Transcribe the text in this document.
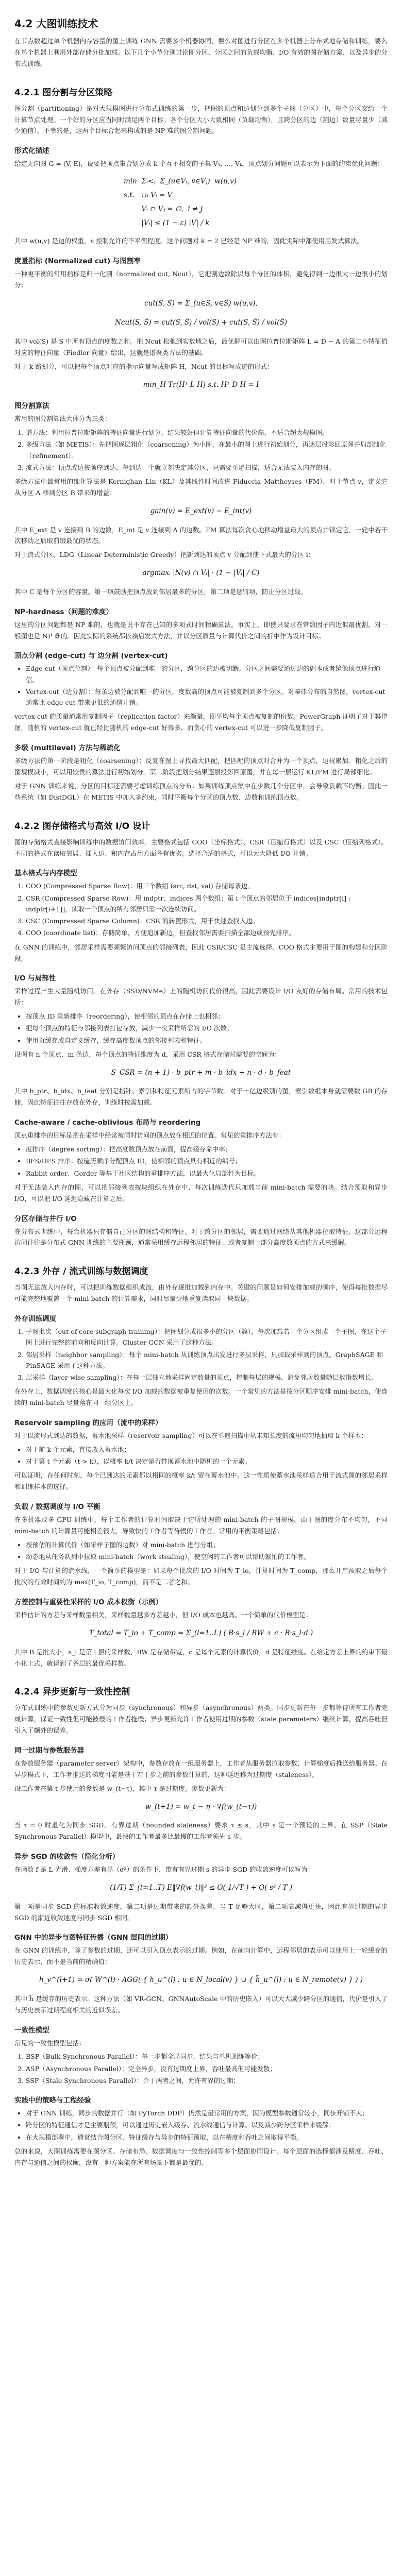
4.2 大图训练技术

在节点数超过单个机器内存容量的图上训练 GNN 需要多个机器协同，要么对图进行分区在多个机器上分布式地存储和训练，要么在单个机器上利用外部存储分批加载。以下几个小节分别讨论图分区、分区之间的负载均衡、I/O 有效的图存储方案、以及异步的分布式训练。

4.2.1 图分割与分区策略

图分割（partitioning）是对大规模图进行分布式训练的第一步，把图的顶点和边划分到多个子图（分区）中，每个分区交给一个计算节点处理。一个好的分区应当同时满足两个目标：各个分区大小大致相同（负载均衡），且跨分区的边（割边）数量尽量少（减少通信）。不幸的是，这两个目标合起来构成的是 NP 难的图分割问题。

形式化描述

给定无向图 G = (V, E)，设要把顶点集合划分成 k 个互不相交的子集 V₁, …, Vₖ。顶点划分问题可以表示为下面的约束优化问题：

min  Σᵢ<ⱼ  Σ_(u∈Vᵢ, v∈Vⱼ)  w(u,v)
s.t.   ∪ᵢ Vᵢ = V
Vᵢ ∩ Vⱼ = ∅,  i ≠ j
|Vᵢ| ≤ (1 + ε) |V| / k

其中 w(u,v) 是边的权重，ε 控制允许的不平衡程度。这个问题对 k = 2 已经是 NP 难的，因此实际中都使用启发式算法。

度量指标 (Normalized cut) 与图割率

一种更平衡的常用指标是归一化割（normalized cut, Ncut），它把割边数除以每个分区的体积，避免得到一边很大一边很小的划分：

cut(S, S̄) = Σ_(u∈S, v∈S̄) w(u,v),
Ncut(S, S̄) = cut(S, S̄) / vol(S) + cut(S, S̄) / vol(S̄)

其中 vol(S) 是 S 中所有顶点的度数之和。把 Ncut 松弛到实数域之后，最优解可以由图拉普拉斯矩阵 L = D − A 的第二小特征值对应的特征向量（Fiedler 向量）给出，这就是谱聚类方法的基础。

对于 k 路划分，可以把每个顶点对应的指示向量写成矩阵 H，Ncut 的目标写成迹的形式：

min_H Tr(Hᵀ L H) s.t. Hᵀ D H = I
图分割算法

常用的图分割算法大体分为三类：

1. 谱方法：利用拉普拉斯矩阵的特征向量进行划分，结果较好但计算特征向量的代价高，不适合超大规模图。
2. 多级方法（如 METIS）：先把图逐层粗化（coarsening）为小图，在最小的图上进行初始划分，再逐层投影回原图并局部细化（refinement）。
3. 流式方法：顶点或边按顺序到达，每到达一个就立刻决定其分区，只需要单遍扫描，适合无法装入内存的图。

多级方法中最常用的细化算法是 Kernighan–Lin（KL）及其线性时间改进 Fiduccia–Mattheyses（FM）。对于节点 v，定义它从分区 A 移到分区 B 带来的增益：

gain(v) = E_ext(v) − E_int(v)

其中 E_ext 是 v 连接到 B 的边数，E_int 是 v 连接到 A 的边数。FM 算法每次贪心地移动增益最大的顶点并锁定它，一轮中若干次移动之后取前缀最优的状态。

对于流式分区，LDG（Linear Deterministic Greedy）把新到达的顶点 v 分配到使下式最大的分区 i：

argmaxᵢ |N(v) ∩ Vᵢ| · (1 − |Vᵢ| / C)

其中 C 是每个分区的容量。第一项鼓励把顶点放到邻居最多的分区，第二项是惩罚项，防止分区过载。

NP-hardness（问题的难度）

这里的分区问题都是 NP 难的，也就是说不存在已知的多项式时间精确算法。事实上，即使只要求在常数因子内近似最优割，对一般图也是 NP 难的。因此实际的系统都依赖启发式方法，并以分区质量与计算代价之间的折中作为设计目标。

顶点分割 (edge-cut) 与 边分割 (vertex-cut)
• Edge-cut（顶点分割）：每个顶点被分配到唯一的分区，跨分区的边被切断。分区之间需要通过边的副本或者镜像顶点进行通信。
• Vertex-cut（边分割）：每条边被分配到唯一的分区，度数高的顶点可能被复制到多个分区。对幂律分布的自然图，vertex-cut 通常比 edge-cut 带来更低的通信开销。

vertex-cut 的质量通常用复制因子（replication factor）来衡量，即平均每个顶点被复制的份数。PowerGraph 证明了对于幂律图，随机的 vertex-cut 就已经比随机的 edge-cut 好得多，而贪心的 vertex-cut 可以进一步降低复制因子。

多级 (multilevel) 方法与稀疏化

多级方法的第一阶段是粗化（coarsening）：反复在图上寻找最大匹配，把匹配的顶点对合并为一个顶点，边权累加。粗化之后的图规模减小，可以用较贵的算法进行初始划分。第二阶段把划分结果逐层投影回原图，并在每一层运行 KL/FM 进行局部细化。

对于 GNN 训练来说，分区的目标还需要考虑训练顶点的分布：如果训练顶点集中在少数几个分区中，会导致负载不均衡。因此一些系统（如 DistDGL）在 METIS 中加入多约束，同时平衡每个分区的顶点数、边数和训练顶点数。

4.2.2 图存储格式与高效 I/O 设计

图的存储格式直接影响训练中的数据访问效率。主要格式包括 COO（坐标格式）、CSR（压缩行格式）以及 CSC（压缩列格式）。不同的格式在读取邻居、插入边、和内存占用方面各有优劣。选择合适的格式，可以大大降低 I/O 开销。

基本格式与内存模型
1. COO (Compressed Sparse Row)：用三个数组 (src, dst, val) 存储每条边。
2. CSR (Compressed Sparse Row)：用 indptr、indices 两个数组；第 i 个顶点的邻居位于 indices[indptr[i] : indptr[i+1]]，读取一个顶点的所有邻居只需一次连续访问。
3. CSC (Compressed Sparse Column)：CSR 的转置形式，用于快速查找入边。
4. COO (coordinate list)：存储简单，方便追加新边，但查找邻居需要扫描全部边或预先排序。

在 GNN 的训练中，邻居采样需要频繁访问顶点的邻接列表，因此 CSR/CSC 是主流选择。COO 格式主要用于图的构建和分区阶段。

I/O 与局部性

采样过程产生大量随机访问。在外存（SSD/NVMe）上的随机访问代价很高，因此需要设计 I/O 友好的存储布局。常用的技术包括：

• 按顶点 ID 重新排序（reordering），使相邻的顶点在存储上也相邻；
• 把每个顶点的特征与邻接列表打包存放，减少一次采样所需的 I/O 次数；
• 使用页缓存或自定义缓存，缓存高度数顶点的邻接列表和特征。

设图有 n 个顶点、m 条边，每个顶点的特征维度为 d，采用 CSR 格式存储时需要的空间为：

S_CSR = (n + 1) · b_ptr + m · b_idx + n · d · b_feat

其中 b_ptr、b_idx、b_feat 分别是指针、索引和特征元素所占的字节数。对于十亿边级别的图，索引数组本身就需要数 GB 的存储，因此特征往往存放在外存，训练时按需加载。

Cache-aware / cache-oblivious 布局与 reordering

顶点重排序的目标是把在采样中经常被同时访问的顶点放在相近的位置。常见的重排序方法有：

• 度排序（degree sorting）：把高度数顶点放在前面，提高缓存命中率；
• BFS/DFS 排序：按遍历顺序分配顶点 ID，使相邻的顶点具有相近的编号；
• Rabbit order、Gorder 等基于社区结构的重排序方法，以最大化局部性为目标。

对于无法装入内存的图，可以把邻接列表按块组织在外存中，每次训练迭代只加载当前 mini-batch 需要的块。结合预取和异步 I/O，可以把 I/O 延迟隐藏在计算之后。

分区存储与并行 I/O

在分布式训练中，每台机器只存储自己分区的图结构和特征。对于跨分区的邻居，需要通过网络从其他机器拉取特征。这部分远程访问往往是分布式 GNN 训练的主要瓶颈，通常采用缓存远程邻居的特征、或者复制一部分高度数顶点的方式来缓解。

4.2.3 外存 / 流式训练与数据调度

当图无法放入内存时，可以把训练数据组织成流，由外存逐批加载到内存中。关键的问题是如何安排加载的顺序，使得每批数据尽可能完整地覆盖一个 mini-batch 的计算需求，同时尽量少地重复读取同一块数据。

外存训练调度
1. 子图批次（out-of-core subgraph training）：把图划分成很多小的分区（簇），每次加载若干个分区组成一个子图，在这个子图上进行完整的前向和反向计算。Cluster-GCN 采用了这种方法。
2. 邻居采样（neighbor sampling）：每个 mini-batch 从训练顶点出发进行多层采样，只加载采样到的顶点。GraphSAGE 和 PinSAGE 采用了这种方法。
3. 层采样（layer-wise sampling）：在每一层独立地采样固定数量的顶点，控制每层的规模，避免邻居数量随层数指数增长。

在外存上，数据调度的核心是最大化每次 I/O 加载的数据被重复使用的次数。一个常见的方法是按分区顺序安排 mini-batch，使连续的 mini-batch 尽量落在同一组分区上。

Reservoir sampling 的应用（流中的采样）

对于以流形式到达的数据，蓄水池采样（reservoir sampling）可以在单遍扫描中从未知长度的流里均匀地抽取 k 个样本：

• 对于前 k 个元素，直接放入蓄水池；
• 对于第 t 个元素（t > k），以概率 k/t 决定是否替换蓄水池中随机的一个元素。

可以证明，在任何时刻，每个已到达的元素都以相同的概率 k/t 留在蓄水池中。这一性质使蓄水池采样适合用于流式图的邻居采样和训练样本的选择。

负载 / 数据调度与 I/O 平衡

在多机器或多 GPU 训练中，每个工作者的计算时间取决于它所处理的 mini-batch 的子图规模。由于图的度分布不均匀，不同 mini-batch 的计算量可能相差很大，导致快的工作者等待慢的工作者。常用的平衡策略包括：

• 按预估的计算代价（如采样子图的边数）对 mini-batch 进行分组；
• 动态地从任务队列中拉取 mini-batch（work stealing），使空闲的工作者可以帮助繁忙的工作者。

对于 I/O 与计算的流水线，一个简单的模型是：如果每个批次的 I/O 时间为 T_io，计算时间为 T_comp，那么开启预取之后每个批次的有效时间约为 max(T_io, T_comp)，而不是二者之和。

方差控制与重要性采样的 I/O 成本权衡（示例）

采样估计的方差与采样数量相关，采样数量越多方差越小，但 I/O 成本也越高。一个简单的代价模型是：

T_total = T_io + T_comp = Σ_(l=1..L) ( B·s_l / BW + c · B·s_l·d )

其中 B 是批大小，s_l 是第 l 层的采样数，BW 是存储带宽，c 是每个元素的计算代价，d 是特征维度。在给定方差上界的约束下最小化上式，就得到了各层的最优采样数。

4.2.4 异步更新与一致性控制

分布式训练中的参数更新方式分为同步（synchronous）和异步（asynchronous）两类。同步更新在每一步都等待所有工作者完成计算，保证一致性但可能被慢的工作者拖慢；异步更新允许工作者使用过期的参数（stale parameters）继续计算，提高吞吐但引入了额外的误差。

同一过期与参数服务器

在参数服务器（parameter server）架构中，参数存放在一组服务器上，工作者从服务器拉取参数，计算梯度后推送给服务器。在异步模式下，工作者推送的梯度可能是基于若干步之前的参数计算的，这种延迟称为过期度（staleness）。

设工作者在第 t 步使用的参数是 w_(t−τ)，其中 τ 是过期度。参数更新为：

w_(t+1) = w_t − η · ∇f(w_(t−τ))

当 τ = 0 时退化为同步 SGD。有界过期（bounded staleness）要求 τ ≤ s，其中 s 是一个预设的上界。在 SSP（Stale Synchronous Parallel）模型中，最快的工作者最多比最慢的工作者领先 s 步。

异步 SGD 的收敛性（简化分析）

在函数 f 是 L-光滑、梯度方差有界（σ²）的条件下，带有有界过期 s 的异步 SGD 的收敛速度可以写为：

(1/T) Σ_(t=1..T) E‖∇f(w_t)‖² ≤ O( 1/√T ) + O( s² / T )

第一项是同步 SGD 的标准收敛速度，第二项是过期带来的额外误差。当 T 足够大时，第二项衰减得更快，因此有界过期的异步 SGD 的渐近收敛速度与同步 SGD 相同。

GNN 中的异步与图特征传播（GNN 层间的过期）

在 GNN 的训练中，除了参数的过期，还可以引入顶点表示的过期。例如，在前向计算中，远程邻居的表示可以使用上一轮缓存的历史表示，而不是当前的精确值：

h_v^(l+1) = σ( W^(l) · AGG( { h_u^(l) : u ∈ N_local(v) } ∪ { h̃_u^(l) : u ∈ N_remote(v) } ) )

其中 h̃ 是缓存的历史表示。这种方法（如 VR-GCN、GNNAutoScale 中的历史嵌入）可以大大减少跨分区的通信，代价是引入了与历史表示过期程度相关的近似误差。

一致性模型

常见的一致性模型包括：

1. BSP（Bulk Synchronous Parallel）：每一步都全局同步，结果与单机训练等价；
2. ASP（Asynchronous Parallel）：完全异步，没有过期度上界，吞吐最高但可能发散；
3. SSP（Stale Synchronous Parallel）：介于两者之间，允许有界的过期；
实践中的策略与工程经验
• 对于 GNN 训练，同步的数据并行（如 PyTorch DDP）仍然是最常用的方案，因为模型参数通常较小，同步开销不大；
• 跨分区的特征通信才是主要瓶颈，可以通过历史嵌入缓存、流水线通信与计算、以及减少跨分区采样来缓解；
• 在大规模部署中，通常结合图分区、特征缓存与异步的特征预取，以在精度和吞吐之间取得平衡。

总的来说，大图训练需要在图分区、存储布局、数据调度与一致性控制等多个层面协同设计。每个层面的选择都涉及精度、吞吐、内存与通信之间的权衡，没有一种方案能在所有场景下都是最优的。
